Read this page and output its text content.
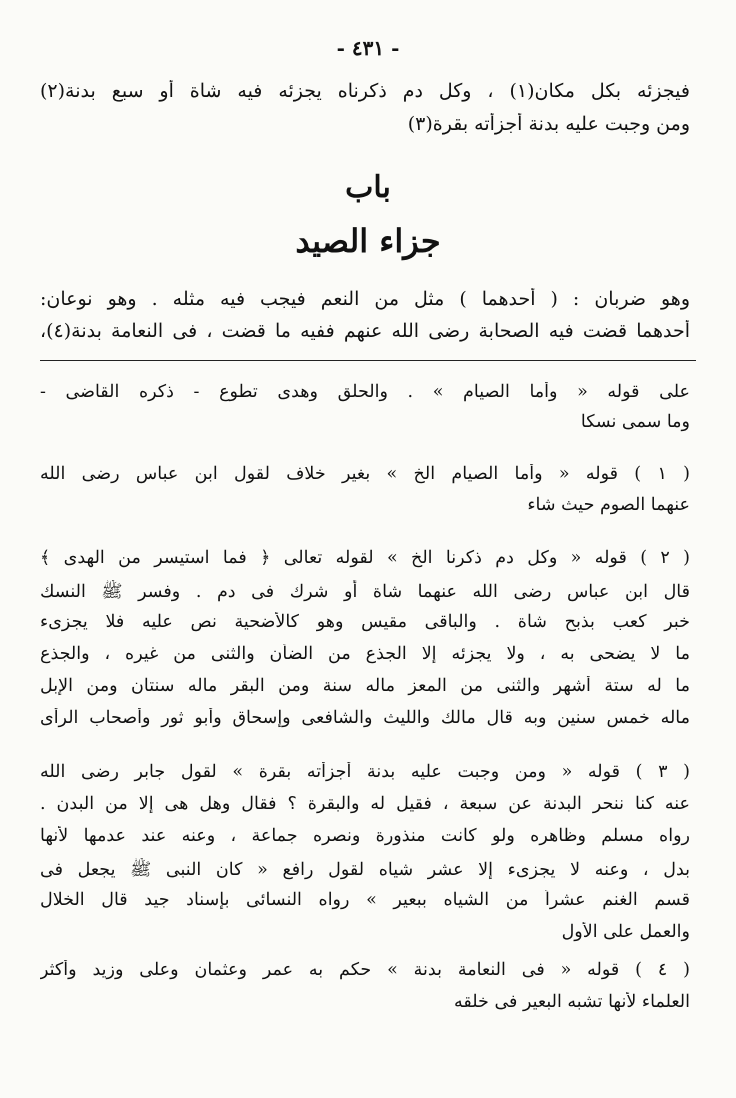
- ٤٣١ -
فيجزئه بكل مكان(١) ، وكل دم ذكرناه يجزئه فيه شاة أو سبع بدنة(٢)
ومن وجبت عليه بدنة أجزأته بقرة(٣)
باب
جزاء الصيد
وهو ضربان : ( أحدهما ) مثل من النعم فيجب فيه مثله . وهو نوعان:
أحدهما قضت فيه الصحابة رضى الله عنهم ففيه ما قضت ، فى النعامة بدنة(٤)،
على قوله « وأما الصيام » . والحلق وهدى تطوع - ذكره القاضى -
وما سمى نسكا
( ١ ) قوله « وأما الصيام الخ » بغير خلاف لقول ابن عباس رضى الله
عنهما الصوم حيث شاء
( ٢ ) قوله « وكل دم ذكرنا الخ » لقوله تعالى ﴿ فما استيسر من الهدى ﴾
قال ابن عباس رضى الله عنهما شاة أو شرك فى دم . وفسر ﷺ النسك
خبر كعب بذبح شاة . والباقى مقيس وهو كالأضحية نص عليه فلا يجزىء
ما لا يضحى به ، ولا يجزئه إلا الجذع من الضأن والثنى من غيره ، والجذع
ما له ستة أشهر والثنى من المعز ماله سنة ومن البقر ماله سنتان ومن الإبل
ماله خمس سنين وبه قال مالك والليث والشافعى وإسحاق وأبو ثور وأصحاب الرأى
( ٣ ) قوله « ومن وجبت عليه بدنة أجزأته بقرة » لقول جابر رضى الله
عنه كنا ننحر البدنة عن سبعة ، فقيل له والبقرة ؟ فقال وهل هى إلا من البدن .
رواه مسلم وظاهره ولو كانت منذورة ونصره جماعة ، وعنه عند عدمها لأنها
بدل ، وعنه لا يجزىء إلا عشر شياه لقول رافع « كان النبى ﷺ يجعل فى
قسم الغنم عشراً من الشياه ببعير » رواه النسائى بإسناد جيد قال الخلال
والعمل على الأول
( ٤ ) قوله « فى النعامة بدنة » حكم به عمر وعثمان وعلى وزيد وأكثر
العلماء لأنها تشبه البعير فى خلقه
